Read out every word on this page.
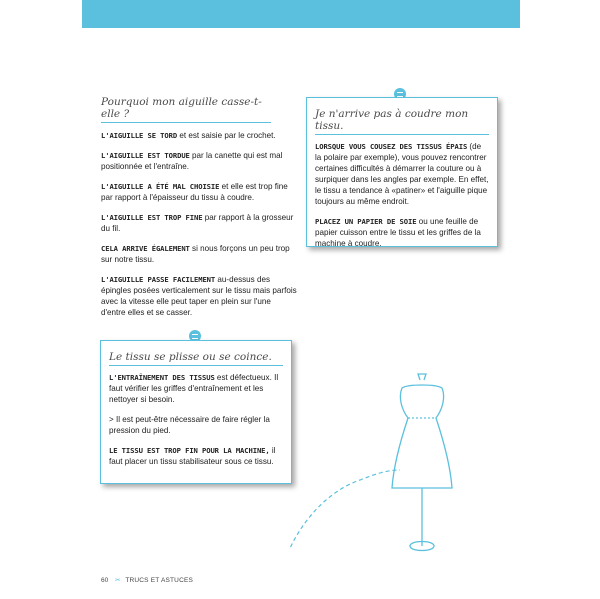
Pourquoi mon aiguille casse-t-elle ?

L'AIGUILLE SE TORD et est saisie par le crochet.

L'AIGUILLE EST TORDUE par la canette qui est mal positionnée et l'entraîne.

L'AIGUILLE A ÉTÉ MAL CHOISIE et elle est trop fine par rapport à l'épaisseur du tissu à coudre.

L'AIGUILLE EST TROP FINE par rapport à la grosseur du fil.

CELA ARRIVE ÉGALEMENT si nous forçons un peu trop sur notre tissu.

L'AIGUILLE PASSE FACILEMENT au-dessus des épingles posées verticalement sur le tissu mais parfois avec la vitesse elle peut taper en plein sur l'une d'entre elles et se casser.

Je n'arrive pas à coudre mon tissu.

LORSQUE VOUS COUSEZ DES TISSUS ÉPAIS (de la polaire par exemple), vous pouvez rencontrer certaines difficultés à démarrer la couture ou à surpiquer dans les angles par exemple. En effet, le tissu a tendance à «patiner» et l'aiguille pique toujours au même endroit.

PLACEZ UN PAPIER DE SOIE ou une feuille de papier cuisson entre le tissu et les griffes de la machine à coudre.

Le tissu se plisse ou se coince.

L'ENTRAÎNEMENT DES TISSUS est défectueux. Il faut vérifier les griffes d'entraînement et les nettoyer si besoin.

> Il est peut-être nécessaire de faire régler la pression du pied.

LE TISSU EST TROP FIN POUR LA MACHINE, il faut placer un tissu stabilisateur sous ce tissu.

60 ✂ TRUCS ET ASTUCES
